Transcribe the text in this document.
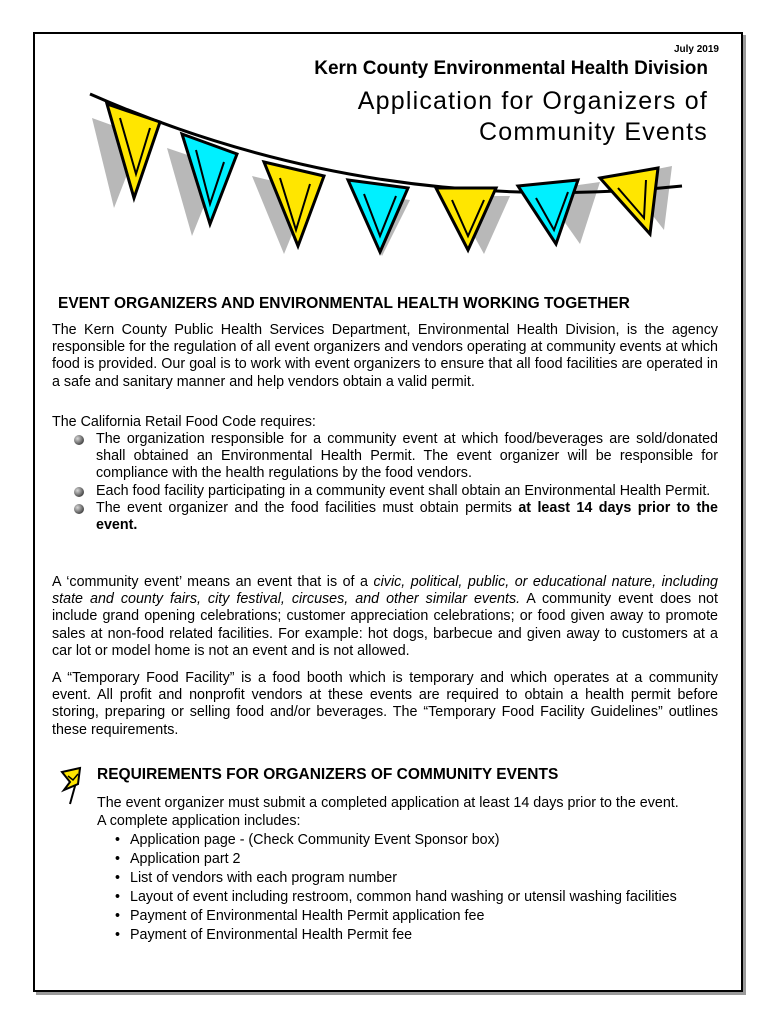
July 2019
Kern County Environmental Health Division
Application for Organizers of
Community Events
EVENT ORGANIZERS AND ENVIRONMENTAL HEALTH WORKING TOGETHER

The Kern County Public Health Services Department, Environmental Health Division, is the agency responsible for the regulation of all event organizers and vendors operating at community events at which food is provided. Our goal is to work with event organizers to ensure that all food facilities are operated in a safe and sanitary manner and help vendors obtain a valid permit.

The California Retail Food Code requires:

The organization responsible for a community event at which food/beverages are sold/donated shall obtained an Environmental Health Permit. The event organizer will be responsible for compliance with the health regulations by the food vendors.
Each food facility participating in a community event shall obtain an Environmental Health Permit.
The event organizer and the food facilities must obtain permits at least 14 days prior to the event.

A ‘community event’ means an event that is of a civic, political, public, or educational nature, including state and county fairs, city festival, circuses, and other similar events. A community event does not include grand opening celebrations; customer appreciation celebrations; or food given away to promote sales at non-food related facilities. For example: hot dogs, barbecue and given away to customers at a car lot or model home is not an event and is not allowed.

A “Temporary Food Facility” is a food booth which is temporary and which operates at a community event. All profit and nonprofit vendors at these events are required to obtain a health permit before storing, preparing or selling food and/or beverages. The “Temporary Food Facility Guidelines” outlines these requirements.

REQUIREMENTS FOR ORGANIZERS OF COMMUNITY EVENTS

The event organizer must submit a completed application at least 14 days prior to the event.

A complete application includes:

• Application page - (Check Community Event Sponsor box)
• Application part 2
• List of vendors with each program number
• Layout of event including restroom, common hand washing or utensil washing facilities
• Payment of Environmental Health Permit application fee
• Payment of Environmental Health Permit fee
